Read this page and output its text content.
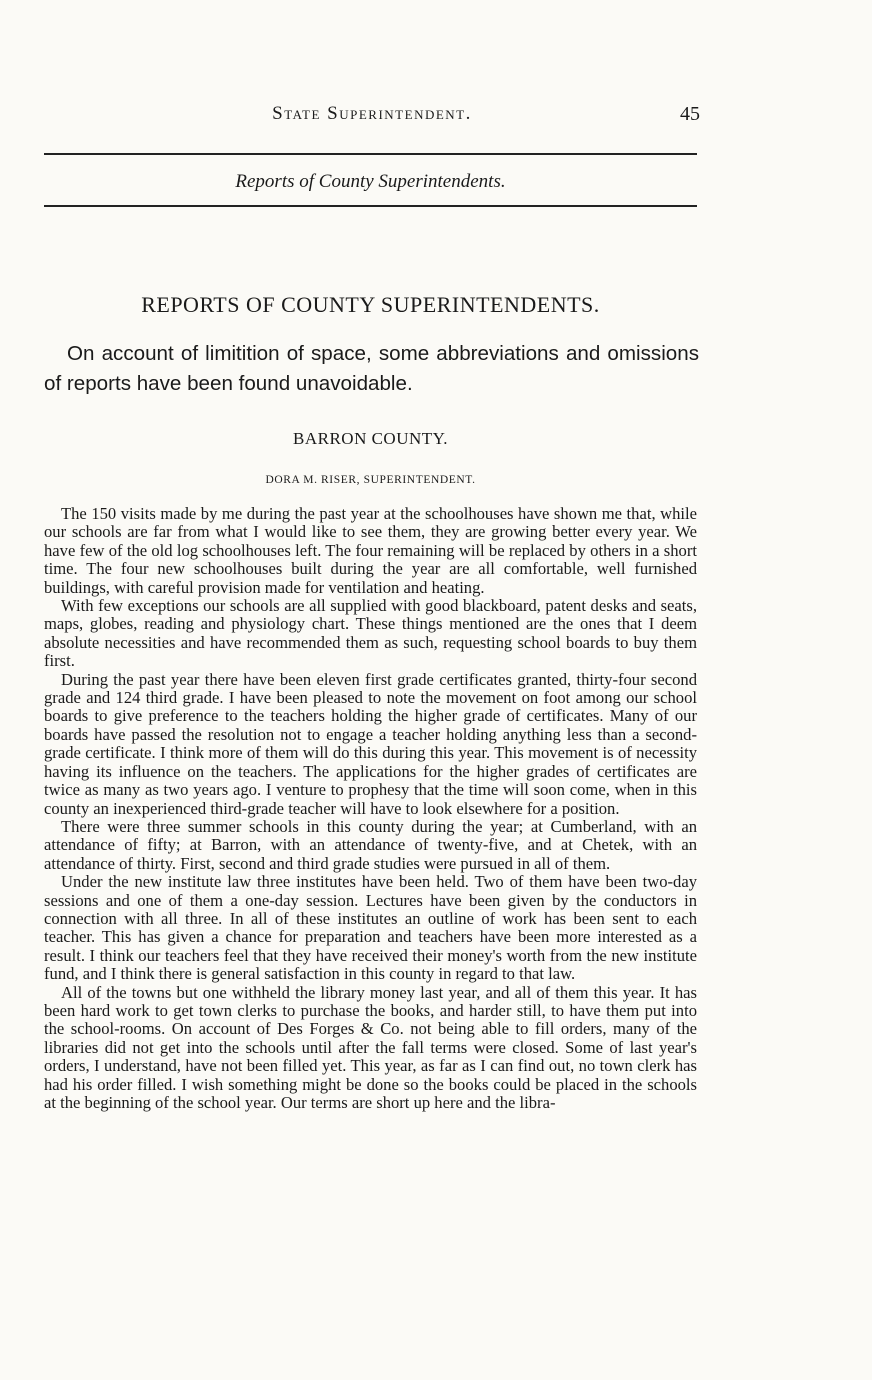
State Superintendent.	45
Reports of County Superintendents.
REPORTS OF COUNTY SUPERINTENDENTS.

On account of limitition of space, some abbreviations and omissions of reports have been found unavoidable.

BARRON COUNTY.
DORA M. RISER, SUPERINTENDENT.

The 150 visits made by me during the past year at the schoolhouses have shown me that, while our schools are far from what I would like to see them, they are growing better every year. We have few of the old log schoolhouses left. The four remaining will be replaced by others in a short time. The four new schoolhouses built during the year are all comfortable, well furnished buildings, with careful provision made for ventilation and heating.

With few exceptions our schools are all supplied with good blackboard, patent desks and seats, maps, globes, reading and physiology chart. These things mentioned are the ones that I deem absolute necessities and have recommended them as such, requesting school boards to buy them first.

During the past year there have been eleven first grade certificates granted, thirty-four second grade and 124 third grade. I have been pleased to note the movement on foot among our school boards to give preference to the teachers holding the higher grade of certificates. Many of our boards have passed the resolution not to engage a teacher holding anything less than a second-grade certificate. I think more of them will do this during this year. This movement is of necessity having its influence on the teachers. The applications for the higher grades of certificates are twice as many as two years ago. I venture to prophesy that the time will soon come, when in this county an inexperienced third-grade teacher will have to look elsewhere for a position.

There were three summer schools in this county during the year; at Cumberland, with an attendance of fifty; at Barron, with an attendance of twenty-five, and at Chetek, with an attendance of thirty. First, second and third grade studies were pursued in all of them.

Under the new institute law three institutes have been held. Two of them have been two-day sessions and one of them a one-day session. Lectures have been given by the conductors in connection with all three. In all of these institutes an outline of work has been sent to each teacher. This has given a chance for preparation and teachers have been more interested as a result. I think our teachers feel that they have received their money's worth from the new institute fund, and I think there is general satisfaction in this county in regard to that law.

All of the towns but one withheld the library money last year, and all of them this year. It has been hard work to get town clerks to purchase the books, and harder still, to have them put into the school-rooms. On account of Des Forges & Co. not being able to fill orders, many of the libraries did not get into the schools until after the fall terms were closed. Some of last year's orders, I understand, have not been filled yet. This year, as far as I can find out, no town clerk has had his order filled. I wish something might be done so the books could be placed in the schools at the beginning of the school year. Our terms are short up here and the libra-
